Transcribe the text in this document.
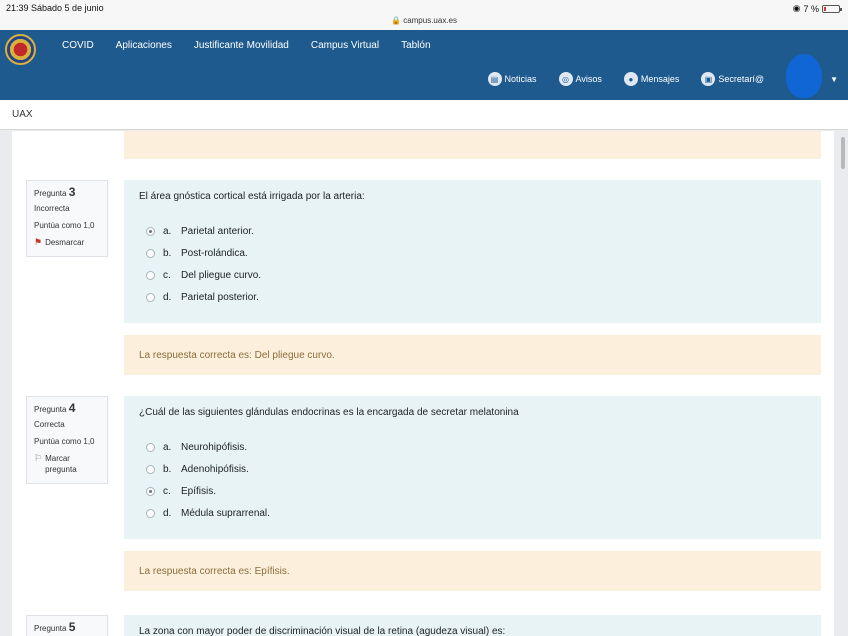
21:39 Sábado 5 de junio
🔒 campus.uax.es
◉ 7 %
COVID Aplicaciones Justificante Movilidad Campus Virtual Tablón
▤ Noticias	◎ Avisos	● Mensajes	▣ Secretarí@	▼
UAX
Pregunta 3
Incorrecta
Puntúa como 1,0
⚑ Desmarcar
El área gnóstica cortical está irrigada por la arteria:
a. Parietal anterior.
b. Post-rolándica.
c.	Del pliegue curvo.
d. Parietal posterior.
La respuesta correcta es: Del pliegue curvo.
Pregunta 4
Correcta
Puntúa como 1,0
⚐ Marcar pregunta
¿Cuál de las siguientes glándulas endocrinas es la encargada de secretar melatonina
a. Neurohipófisis.
b. Adenohipófisis.
c.	Epífisis.
d. Médula suprarrenal.
La respuesta correcta es: Epífisis.
Pregunta 5	La zona con mayor poder de discriminación visual de la retina (agudeza visual) es:
